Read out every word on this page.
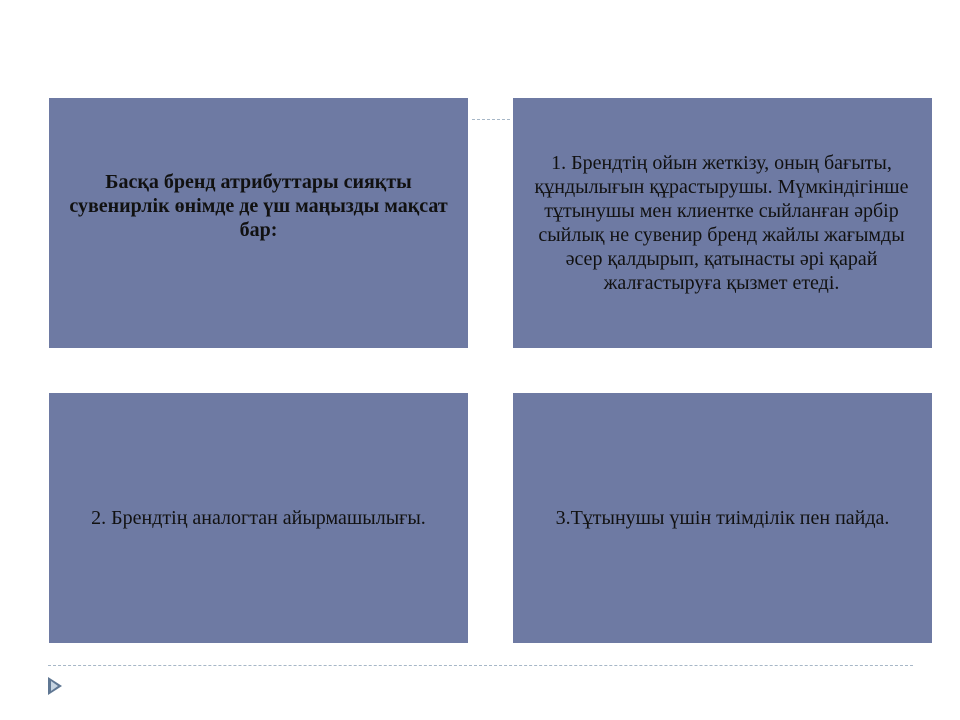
Басқа бренд атрибуттары сияқты сувенирлік өнімде де үш маңызды мақсат бар:
1. Брендтің ойын жеткізу, оның бағыты, құндылығын құрастырушы. Мүмкіндігінше тұтынушы мен клиентке сыйланған әрбір сыйлық не сувенир бренд жайлы жағымды әсер қалдырып, қатынасты әрі қарай жалғастыруға қызмет етеді.
2. Брендтің аналогтан айырмашылығы.	3.Тұтынушы үшін тиімділік пен пайда.
